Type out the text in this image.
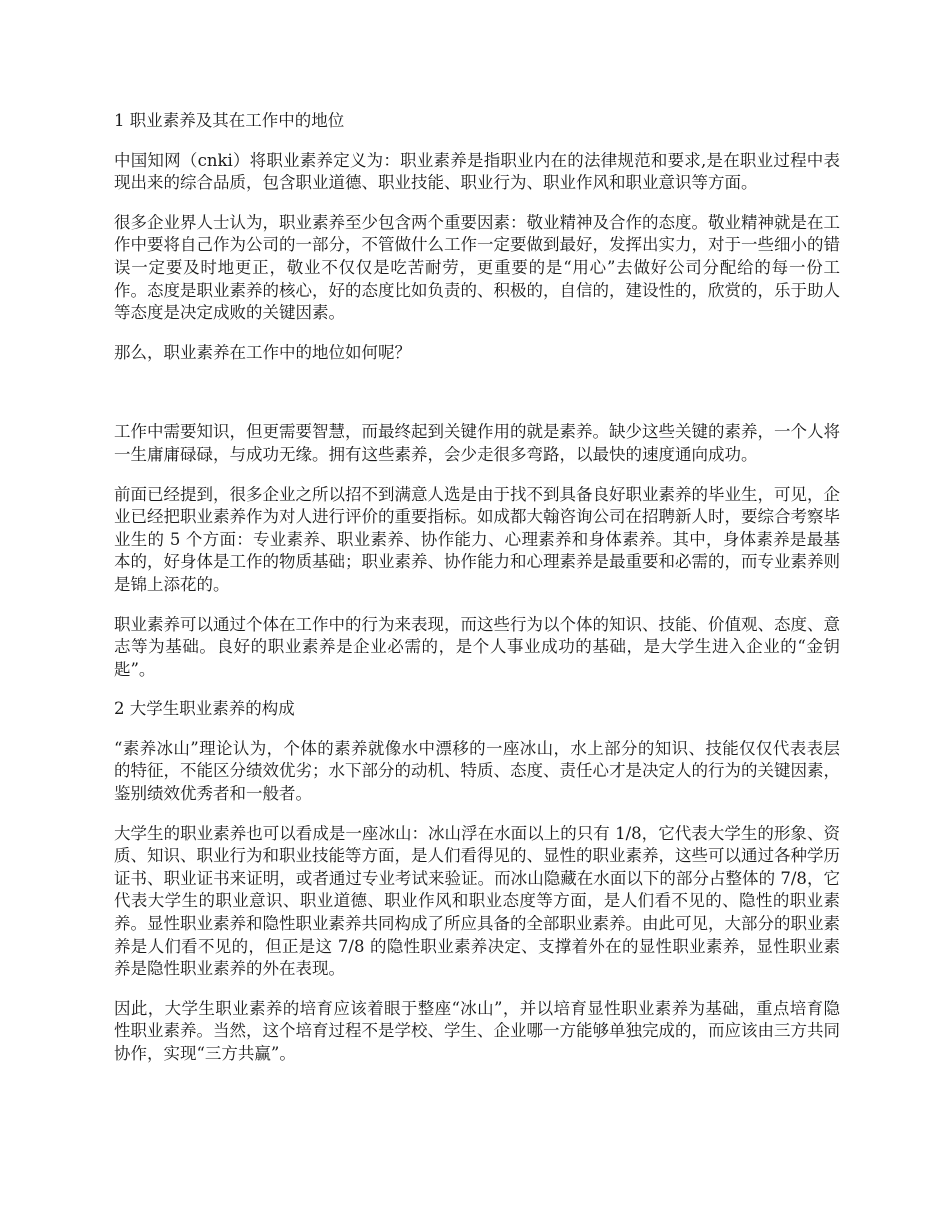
1 职业素养及其在工作中的地位

中国知网（cnki）将职业素养定义为：职业素养是指职业内在的法律规范和要求,是在职业过程中表现出来的综合品质，包含职业道德、职业技能、职业行为、职业作风和职业意识等方面。

很多企业界人士认为，职业素养至少包含两个重要因素：敬业精神及合作的态度。敬业精神就是在工作中要将自己作为公司的一部分，不管做什么工作一定要做到最好，发挥出实力，对于一些细小的错误一定要及时地更正，敬业不仅仅是吃苦耐劳，更重要的是“用心”去做好公司分配给的每一份工作。态度是职业素养的核心，好的态度比如负责的、积极的，自信的，建设性的，欣赏的，乐于助人等态度是决定成败的关键因素。

那么，职业素养在工作中的地位如何呢？

工作中需要知识，但更需要智慧，而最终起到关键作用的就是素养。缺少这些关键的素养，一个人将一生庸庸碌碌，与成功无缘。拥有这些素养，会少走很多弯路，以最快的速度通向成功。

前面已经提到，很多企业之所以招不到满意人选是由于找不到具备良好职业素养的毕业生，可见，企业已经把职业素养作为对人进行评价的重要指标。如成都大翰咨询公司在招聘新人时，要综合考察毕业生的 5 个方面：专业素养、职业素养、协作能力、心理素养和身体素养。其中，身体素养是最基本的，好身体是工作的物质基础；职业素养、协作能力和心理素养是最重要和必需的，而专业素养则是锦上添花的。

职业素养可以通过个体在工作中的行为来表现，而这些行为以个体的知识、技能、价值观、态度、意志等为基础。良好的职业素养是企业必需的，是个人事业成功的基础，是大学生进入企业的“金钥匙”。

2 大学生职业素养的构成

“素养冰山”理论认为，个体的素养就像水中漂移的一座冰山，水上部分的知识、技能仅仅代表表层的特征，不能区分绩效优劣；水下部分的动机、特质、态度、责任心才是决定人的行为的关键因素，鉴别绩效优秀者和一般者。

大学生的职业素养也可以看成是一座冰山：冰山浮在水面以上的只有 1/8，它代表大学生的形象、资质、知识、职业行为和职业技能等方面，是人们看得见的、显性的职业素养，这些可以通过各种学历证书、职业证书来证明，或者通过专业考试来验证。而冰山隐藏在水面以下的部分占整体的 7/8，它代表大学生的职业意识、职业道德、职业作风和职业态度等方面，是人们看不见的、隐性的职业素养。显性职业素养和隐性职业素养共同构成了所应具备的全部职业素养。由此可见，大部分的职业素养是人们看不见的，但正是这 7/8 的隐性职业素养决定、支撑着外在的显性职业素养，显性职业素养是隐性职业素养的外在表现。

因此，大学生职业素养的培育应该着眼于整座“冰山”，并以培育显性职业素养为基础，重点培育隐性职业素养。当然，这个培育过程不是学校、学生、企业哪一方能够单独完成的，而应该由三方共同协作，实现“三方共赢”。
